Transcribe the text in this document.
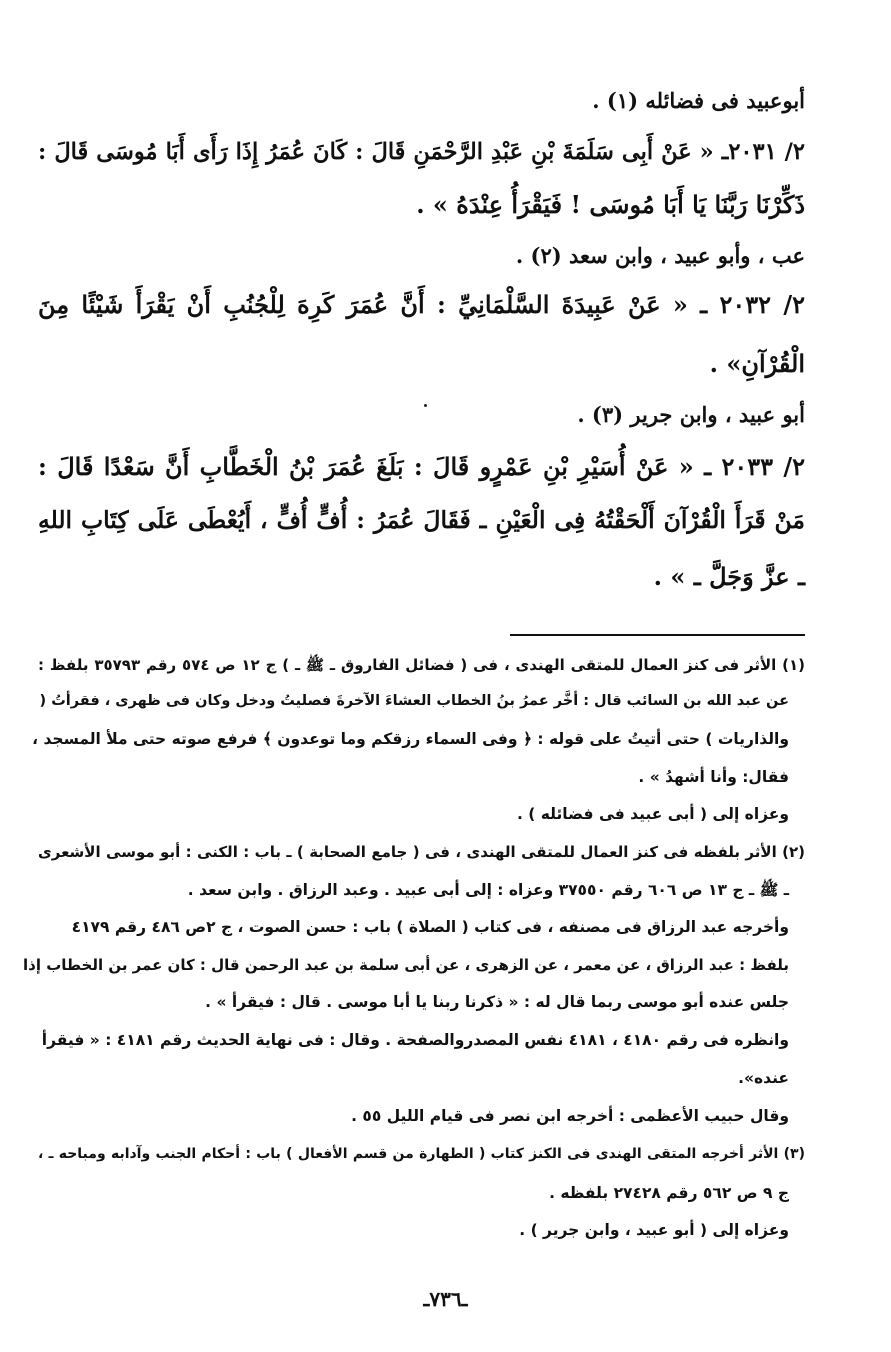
أبوعبيد فى فضائله (١) .
٢/ ٢٠٣١ـ « عَنْ أَبِى سَلَمَةَ بْنِ عَبْدِ الرَّحْمَنِ قَالَ : كَانَ عُمَرُ إِذَا رَأَى أَبَا مُوسَى قَالَ :
ذَكِّرْنَا رَبَّنَا يَا أَبَا مُوسَى ! فَيَقْرَأُ عِنْدَهُ » .
عب ، وأبو عبيد ، وابن سعد (٢) .
٢/ ٢٠٣٢ ـ « عَنْ عَبِيدَةَ السَّلْمَانِيِّ : أَنَّ عُمَرَ كَرِهَ لِلْجُنُبِ أَنْ يَقْرَأَ شَيْئًا مِنَ
الْقُرْآنِ» .
أبو عبيد ، وابن جرير (٣) .
٢/ ٢٠٣٣ ـ « عَنْ أُسَيْرِ بْنِ عَمْرٍو قَالَ : بَلَغَ عُمَرَ بْنُ الْخَطَّابِ أَنَّ سَعْدًا قَالَ :
مَنْ قَرَأَ الْقُرْآنَ أَلْحَقْتُهُ فِى الْعَيْنِ ـ فَقَالَ عُمَرُ : أُفٍّ أُفٍّ ، أَيُعْطَى عَلَى كِتَابِ اللهِ
ـ عزَّ وَجَلَّ ـ » .
(١) الأثر فى كنز العمال للمتقى الهندى ، فى ( فضائل الفاروق ـ ﷺ ـ ) ج ١٢ ص ٥٧٤ رقم ٣٥٧٩٣ بلفظ :
عن عبد الله بن السائب قال : أخَّر عمرُ بنُ الخطاب العشاءَ الآخرةَ فصليتُ ودخل وكان فى ظهرى ، فقرأتُ (
والذاريات ) حتى أتيتُ على قوله : ﴿ وفى السماء رزقكم وما توعدون ﴾ فرفع صوته حتى ملأ المسجد ،
فقال: وأنا أشهدُ » .
وعزاه إلى ( أبى عبيد فى فضائله ) .
(٢) الأثر بلفظه فى كنز العمال للمتقى الهندى ، فى ( جامع الصحابة ) ـ باب : الكنى : أبو موسى الأشعرى
ـ ﷺ ـ ج ١٣ ص ٦٠٦ رقم ٣٧٥٥٠ وعزاه : إلى أبى عبيد . وعبد الرزاق . وابن سعد .
وأخرجه عبد الرزاق فى مصنفه ، فى كتاب ( الصلاة ) باب : حسن الصوت ، ج ٢ص ٤٨٦ رقم ٤١٧٩
بلفظ : عبد الرزاق ، عن معمر ، عن الزهرى ، عن أبى سلمة بن عبد الرحمن قال : كان عمر بن الخطاب إذا
جلس عنده أبو موسى ربما قال له : « ذكرنا ربنا يا أبا موسى . قال : فيقرأ » .
وانظره فى رقم ٤١٨٠ ، ٤١٨١ نفس المصدروالصفحة . وقال : فى نهاية الحديث رقم ٤١٨١ : « فيقرأ
عنده».
وقال حبيب الأعظمى : أخرجه ابن نصر فى قيام الليل ٥٥ .
(٣) الأثر أخرجه المتقى الهندى فى الكنز كتاب ( الطهارة من قسم الأفعال ) باب : أحكام الجنب وآدابه ومباحه ـ ،
ج ٩ ص ٥٦٢ رقم ٢٧٤٢٨ بلفظه .
وعزاه إلى ( أبو عبيد ، وابن جرير ) .
ـ٧٣٦ـ
